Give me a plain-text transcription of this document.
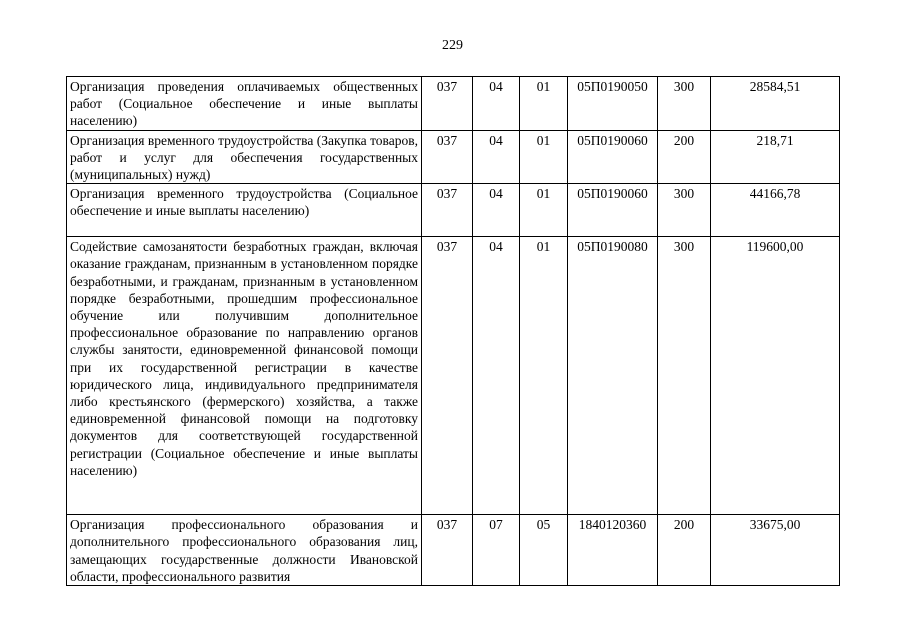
229
Организация проведения оплачиваемых общественных работ (Социальное обеспечение и иные выплаты населению)	037	04	01	05П0190050	300	28584,51
Организация временного трудоустройства (Закупка товаров, работ и услуг для обеспечения государственных (муниципальных) нужд)	037	04	01	05П0190060	200	218,71
Организация временного трудоустройства (Социальное обеспечение и иные выплаты населению)	037	04	01	05П0190060	300	44166,78
Содействие самозанятости безработных граждан, включая оказание гражданам, признанным в установленном порядке безработными, и гражданам, признанным в установленном порядке безработными, прошедшим профессиональное обучение или получившим дополнительное профессиональное образование по направлению органов службы занятости, единовременной финансовой помощи при их государственной регистрации в качестве юридического лица, индивидуального предпринимателя либо крестьянского (фермерского) хозяйства, а также единовременной финансовой помощи на подготовку документов для соответствующей государственной регистрации (Социальное обеспечение и иные выплаты населению)	037	04	01	05П0190080	300	119600,00
Организация профессионального образования и дополнительного профессионального образования лиц, замещающих государственные должности Ивановской области, профессионального развития	037	07	05	1840120360	200	33675,00
